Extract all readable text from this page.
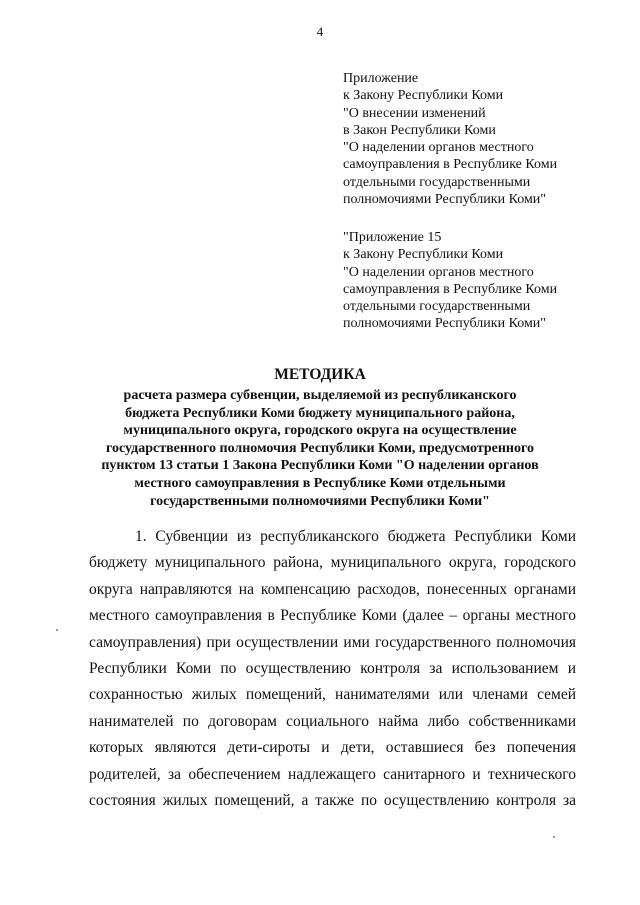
4
Приложение
к Закону Республики Коми
"О внесении изменений
в Закон Республики Коми
"О наделении органов местного
самоуправления в Республике Коми
отдельными государственными
полномочиями Республики Коми"
"Приложение 15
к Закону Республики Коми
"О наделении органов местного
самоуправления в Республике Коми
отдельными государственными
полномочиями Республики Коми"
МЕТОДИКА
расчета размера субвенции, выделяемой из республиканского
бюджета Республики Коми бюджету муниципального района,
муниципального округа, городского округа на осуществление
государственного полномочия Республики Коми, предусмотренного
пунктом 13 статьи 1 Закона Республики Коми "О наделении органов
местного самоуправления в Республике Коми отдельными
государственными полномочиями Республики Коми"
1. Субвенции из республиканского бюджета Республики Коми
бюджету муниципального района, муниципального округа, городского
округа направляются на компенсацию расходов, понесенных органами
местного самоуправления в Республике Коми (далее – органы местного
самоуправления) при осуществлении ими государственного полномочия
Республики Коми по осуществлению контроля за использованием и
сохранностью жилых помещений, нанимателями или членами семей
нанимателей по договорам социального найма либо собственниками
которых являются дети-сироты и дети, оставшиеся без попечения
родителей, за обеспечением надлежащего санитарного и технического
состояния жилых помещений, а также по осуществлению контроля за
